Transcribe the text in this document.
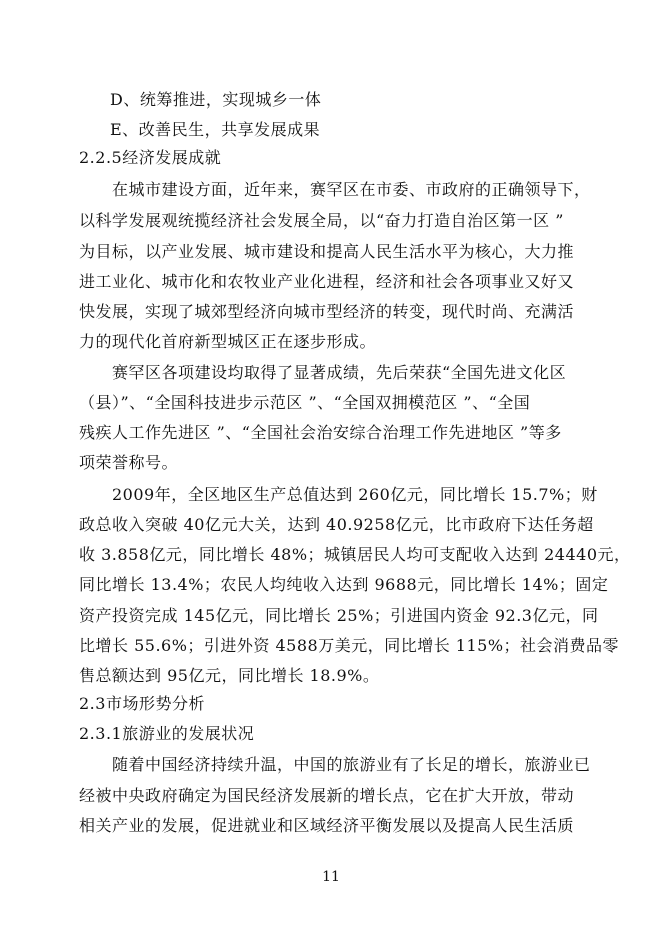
D、统筹推进，实现城乡一体
E、改善民生，共享发展成果
2.2.5经济发展成就
在城市建设方面，近年来，赛罕区在市委、市政府的正确领导下，
以科学发展观统揽经济社会发展全局，以“奋力打造自治区第一区 ”
为目标，以产业发展、城市建设和提高人民生活水平为核心，大力推
进工业化、城市化和农牧业产业化进程，经济和社会各项事业又好又
快发展，实现了城郊型经济向城市型经济的转变，现代时尚、充满活
力的现代化首府新型城区正在逐步形成。
赛罕区各项建设均取得了显著成绩，先后荣获“全国先进文化区
（县）”、“全国科技进步示范区 ”、“全国双拥模范区 ”、“全国
残疾人工作先进区 ”、“全国社会治安综合治理工作先进地区 ”等多
项荣誉称号。
2009年，全区地区生产总值达到 260亿元，同比增长 15.7%；财
政总收入突破 40亿元大关，达到 40.9258亿元，比市政府下达任务超
收 3.858亿元，同比增长 48%；城镇居民人均可支配收入达到 24440元，
同比增长 13.4%；农民人均纯收入达到 9688元，同比增长 14%；固定
资产投资完成 145亿元，同比增长 25%；引进国内资金 92.3亿元，同
比增长 55.6%；引进外资 4588万美元，同比增长 115%；社会消费品零
售总额达到 95亿元，同比增长 18.9%。
2.3市场形势分析
2.3.1旅游业的发展状况
随着中国经济持续升温，中国的旅游业有了长足的增长，旅游业已
经被中央政府确定为国民经济发展新的增长点，它在扩大开放，带动
相关产业的发展，促进就业和区域经济平衡发展以及提高人民生活质
11
